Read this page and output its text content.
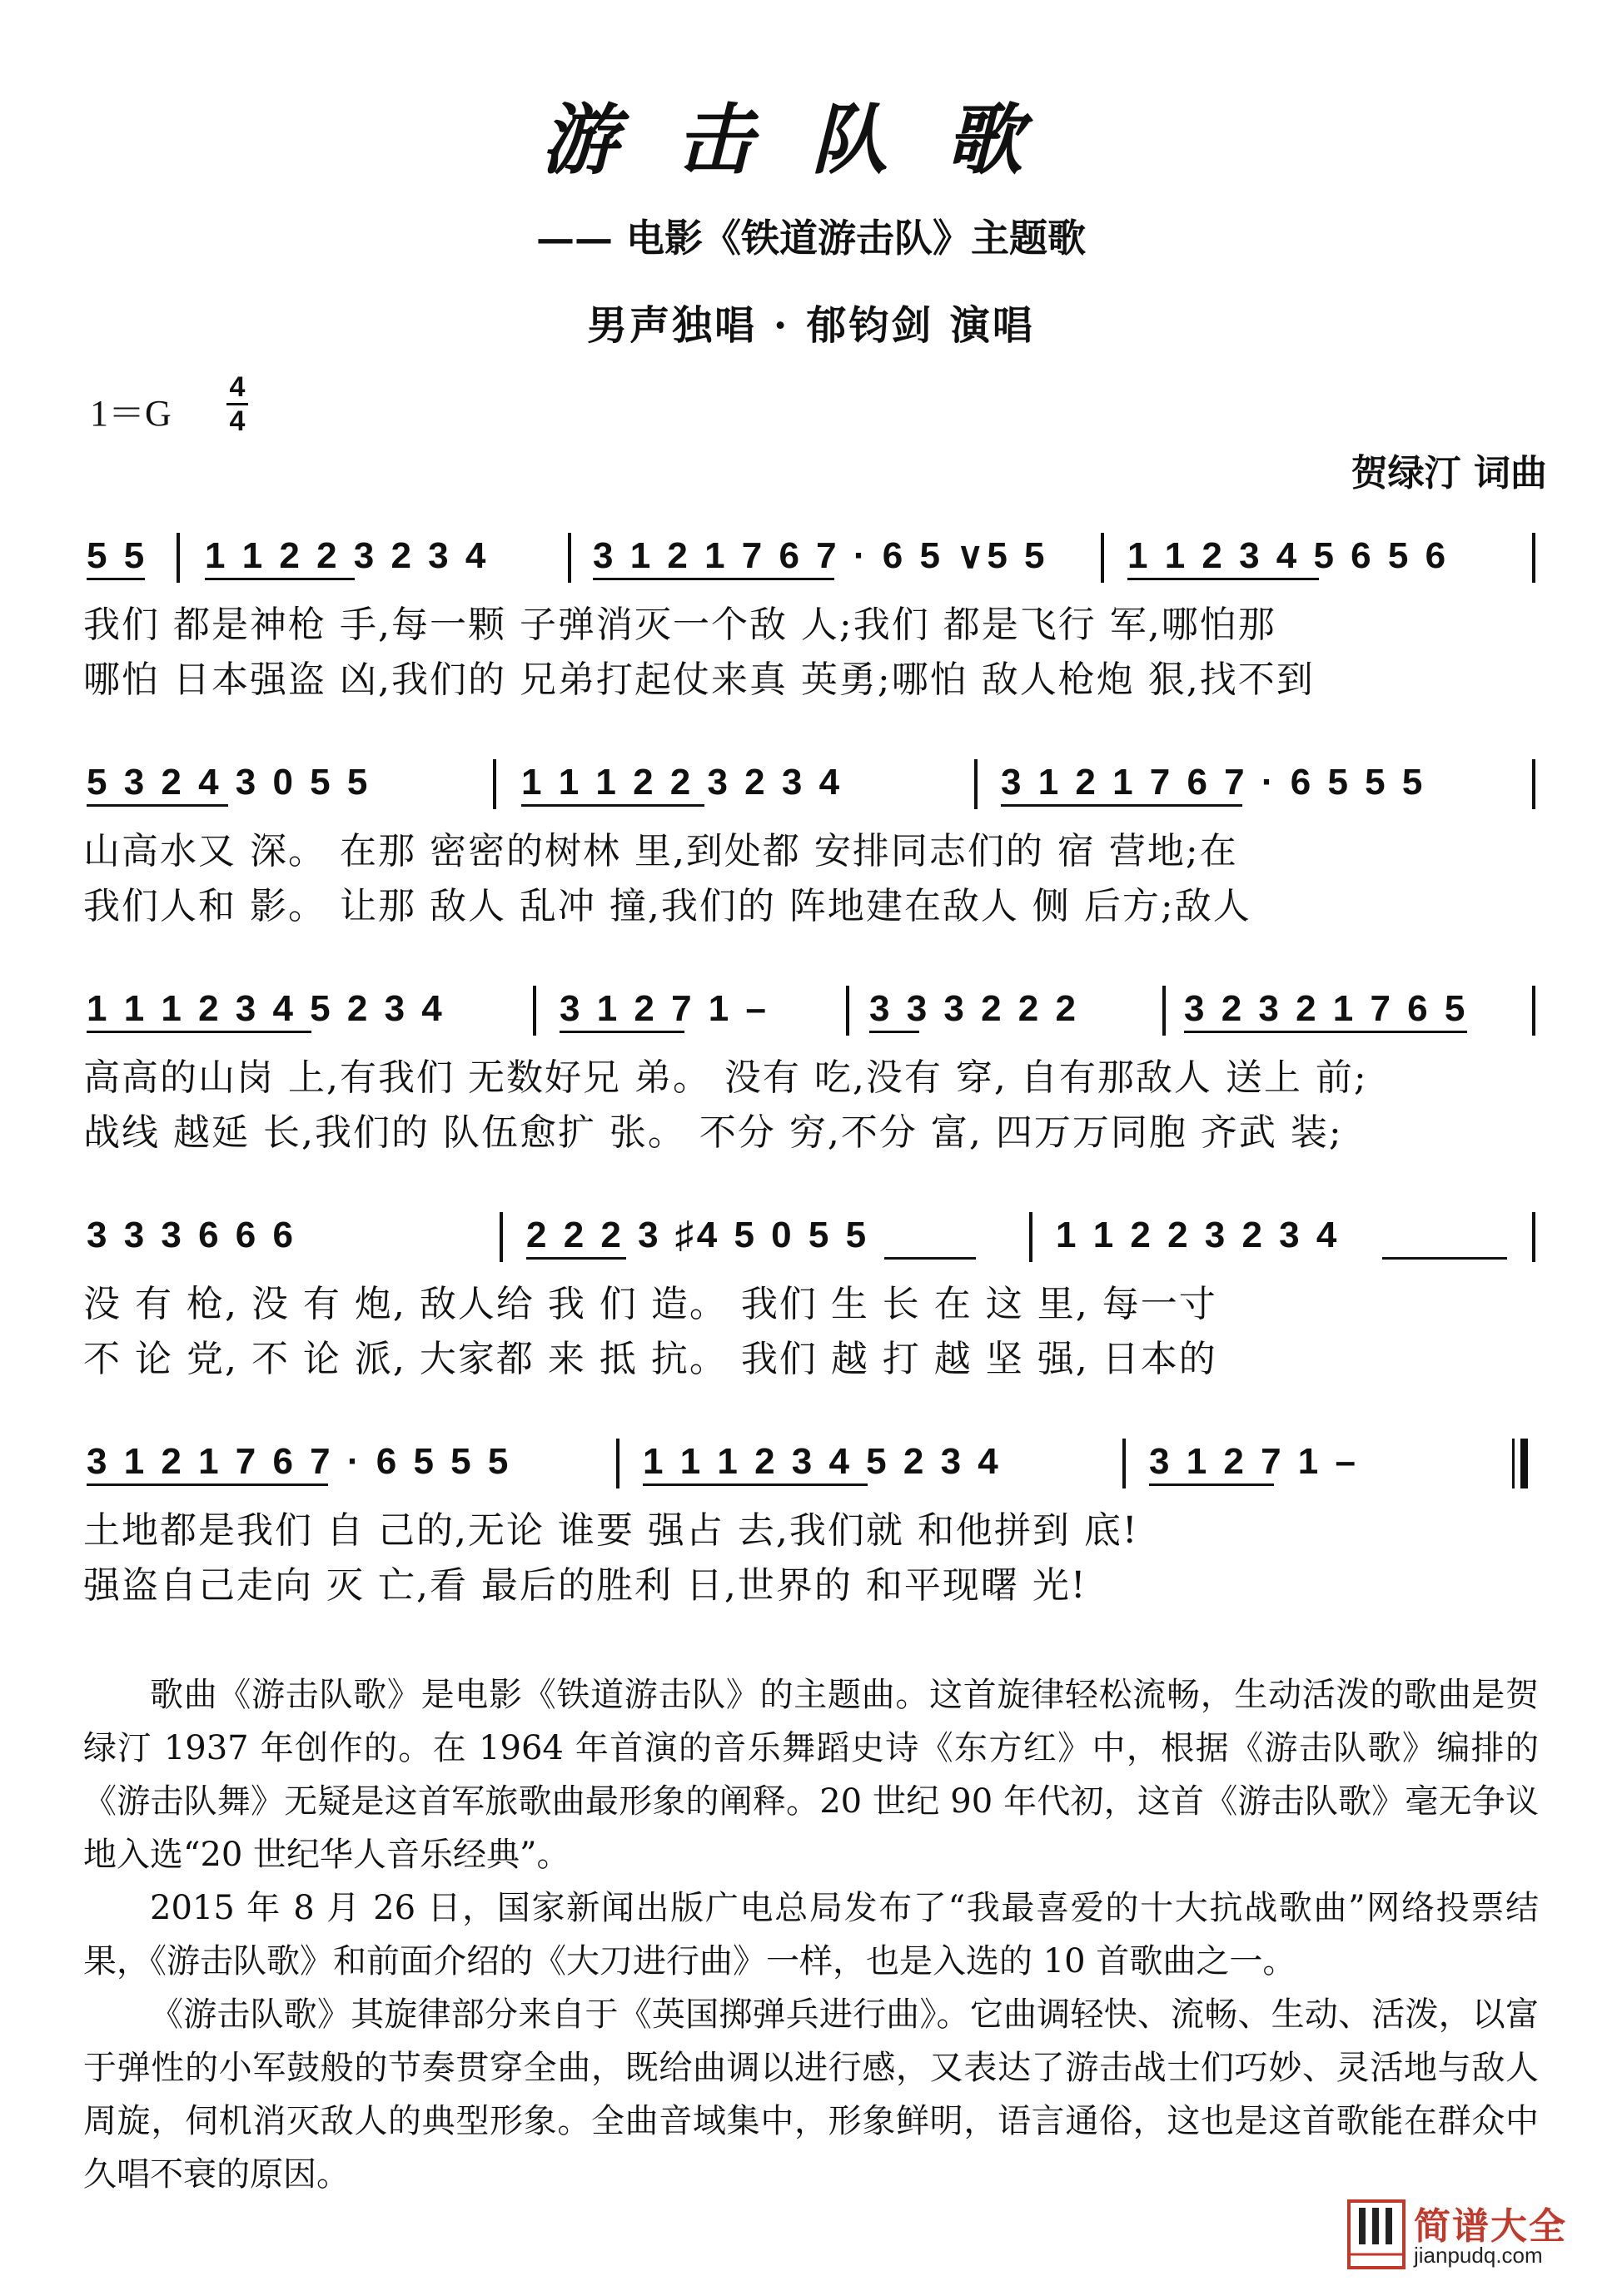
游击队歌
—— 电影《铁道游击队》主题歌
男声独唱 · 郁钧剑 演唱
1＝G
4
4
贺绿汀 词曲
5 5 1 1 2 2 3 2 3 4	3 1 2 1 7 6 7 · 6 5 ∨5 5 1 1 2 3 4 5 6 5 6
我们 都是神枪 手,每一颗 子弹消灭一个敌 人;我们 都是飞行 军,哪怕那
哪怕 日本强盗 凶,我们的 兄弟打起仗来真 英勇;哪怕 敌人枪炮 狠,找不到
5 3 2 4 3 0 5 5	1 1 1 2 2 3 2 3 4	3 1 2 1 7 6 7 · 6 5 5 5
山高水又 深。 在那 密密的树林 里,到处都 安排同志们的 宿 营地;在
我们人和 影。 让那 敌人 乱冲 撞,我们的 阵地建在敌人 侧 后方;敌人
1 1 1 2 3 4 5 2 3 4	3 1 2 7 1 –	3 3 3 2 2 2	3 2 3 2 1 7 6 5
高高的山岗 上,有我们 无数好兄 弟。 没有 吃,没有 穿, 自有那敌人 送上 前;
战线 越延 长,我们的 队伍愈扩 张。 不分 穷,不分 富, 四万万同胞 齐武 装;
3 3 3 6 6 6	2 2 2 3 ♯4 5 0 5 5	1 1 2 2 3 2 3 4
没 有 枪, 没 有 炮, 敌人给 我 们 造。 我们 生 长 在 这 里, 每一寸
不 论 党, 不 论 派, 大家都 来 抵 抗。 我们 越 打 越 坚 强, 日本的
3 1 2 1 7 6 7 · 6 5 5 5	1 1 1 2 3 4 5 2 3 4	3 1 2 7 1 –
土地都是我们 自 己的,无论 谁要 强占 去,我们就 和他拼到 底!
强盗自己走向 灭 亡,看 最后的胜利 日,世界的 和平现曙 光!

歌曲《游击队歌》是电影《铁道游击队》的主题曲。这首旋律轻松流畅，生动活泼的歌曲是贺绿汀 1937 年创作的。在 1964 年首演的音乐舞蹈史诗《东方红》中，根据《游击队歌》编排的《游击队舞》无疑是这首军旅歌曲最形象的阐释。20 世纪 90 年代初，这首《游击队歌》毫无争议地入选“20 世纪华人音乐经典”。

2015 年 8 月 26 日，国家新闻出版广电总局发布了“我最喜爱的十大抗战歌曲”网络投票结果，《游击队歌》和前面介绍的《大刀进行曲》一样，也是入选的 10 首歌曲之一。

《游击队歌》其旋律部分来自于《英国掷弹兵进行曲》。它曲调轻快、流畅、生动、活泼，以富于弹性的小军鼓般的节奏贯穿全曲，既给曲调以进行感，又表达了游击战士们巧妙、灵活地与敌人周旋，伺机消灭敌人的典型形象。全曲音域集中，形象鲜明，语言通俗，这也是这首歌能在群众中久唱不衰的原因。

简谱大全
jianpudq.com
